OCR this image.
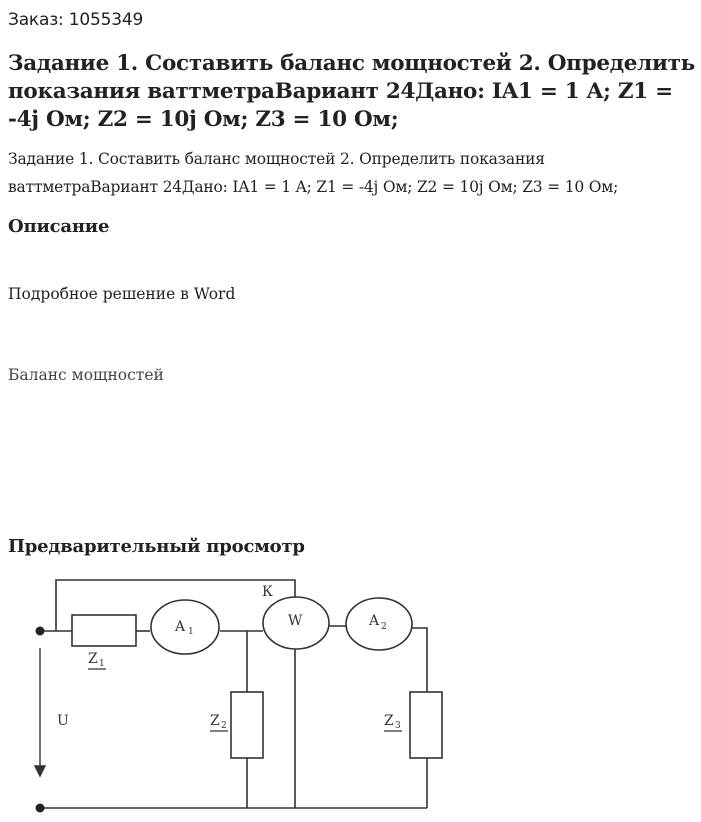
Заказ: 1055349

Задание 1. Составить баланс мощностей 2. Определить показания ваттметраВариант 24Дано: IA1 = 1 A; Z1 = -4j Ом; Z2 = 10j Ом; Z3 = 10 Ом;

Задание 1. Составить баланс мощностей 2. Определить показания ваттметраВариант 24Дано: IA1 = 1 A; Z1 = -4j Ом; Z2 = 10j Ом; Z3 = 10 Ом;

Описание

Подробное решение в Word

Баланс мощностей

Предварительный просмотр
U
Z 1
A 1
К
W	A 2
Z 2	Z 3
